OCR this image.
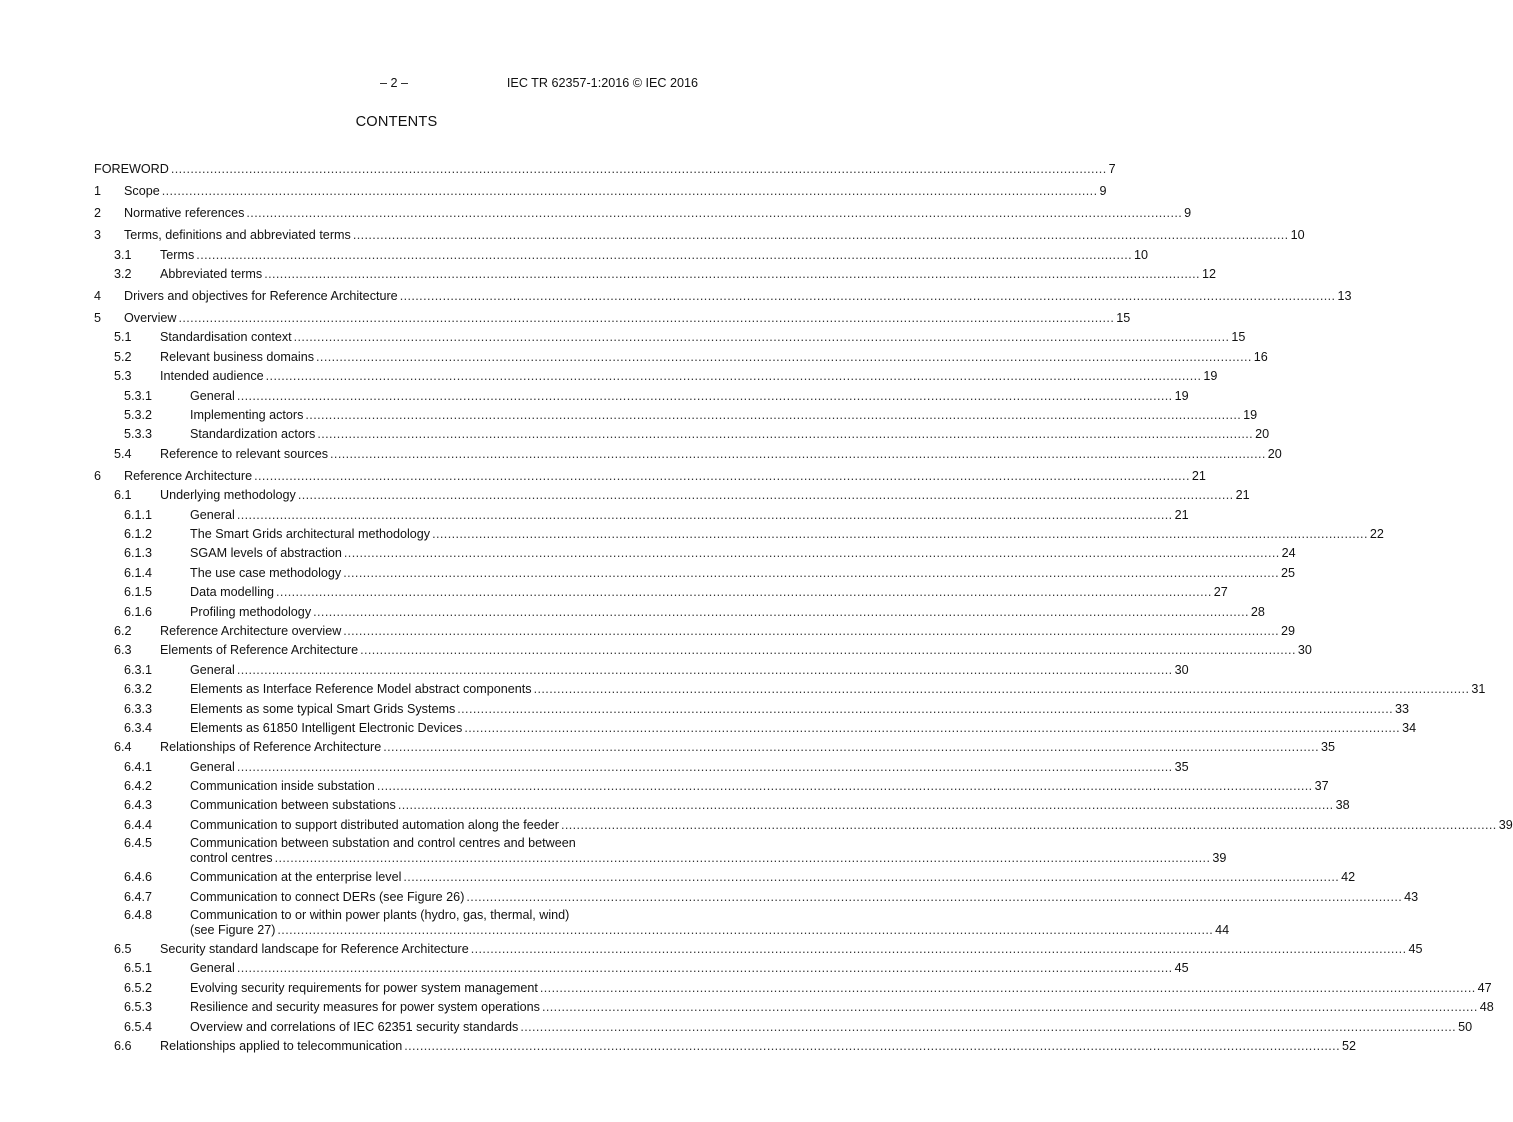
– 2 –	IEC TR 62357-1:2016 © IEC 2016
CONTENTS
FOREWORD .....	7
1	Scope .....	9
2	Normative references .....	9
3	Terms, definitions and abbreviated terms .....	10
3.1	Terms .....	10
3.2	Abbreviated terms .....	12
4	Drivers and objectives for Reference Architecture .....	13
5	Overview .....	15
5.1	Standardisation context .....	15
5.2	Relevant business domains .....	16
5.3	Intended audience .....	19
5.3.1	General .....	19
5.3.2	Implementing actors .....	19
5.3.3	Standardization actors .....	20
5.4	Reference to relevant sources .....	20
6	Reference Architecture .....	21
6.1	Underlying methodology .....	21
6.1.1	General .....	21
6.1.2	The Smart Grids architectural methodology .....	22
6.1.3	SGAM levels of abstraction .....	24
6.1.4	The use case methodology .....	25
6.1.5	Data modelling .....	27
6.1.6	Profiling methodology .....	28
6.2	Reference Architecture overview .....	29
6.3	Elements of Reference Architecture .....	30
6.3.1	General .....	30
6.3.2	Elements as Interface Reference Model abstract components .....	31
6.3.3	Elements as some typical Smart Grids Systems .....	33
6.3.4	Elements as 61850 Intelligent Electronic Devices .....	34
6.4	Relationships of Reference Architecture .....	35
6.4.1	General .....	35
6.4.2	Communication inside substation .....	37
6.4.3	Communication between substations .....	38
6.4.4	Communication to support distributed automation along the feeder .....	39
6.4.5	Communication between substation and control centres and between
control centres .....	39
6.4.6	Communication at the enterprise level .....	42
6.4.7	Communication to connect DERs (see Figure 26) .....	43
6.4.8	Communication to or within power plants (hydro, gas, thermal, wind)
(see Figure 27) .....	44
6.5	Security standard landscape for Reference Architecture .....	45
6.5.1	General .....	45
6.5.2	Evolving security requirements for power system management .....	47
6.5.3	Resilience and security measures for power system operations .....	48
6.5.4	Overview and correlations of IEC 62351 security standards .....	50
6.6	Relationships applied to telecommunication .....	52
